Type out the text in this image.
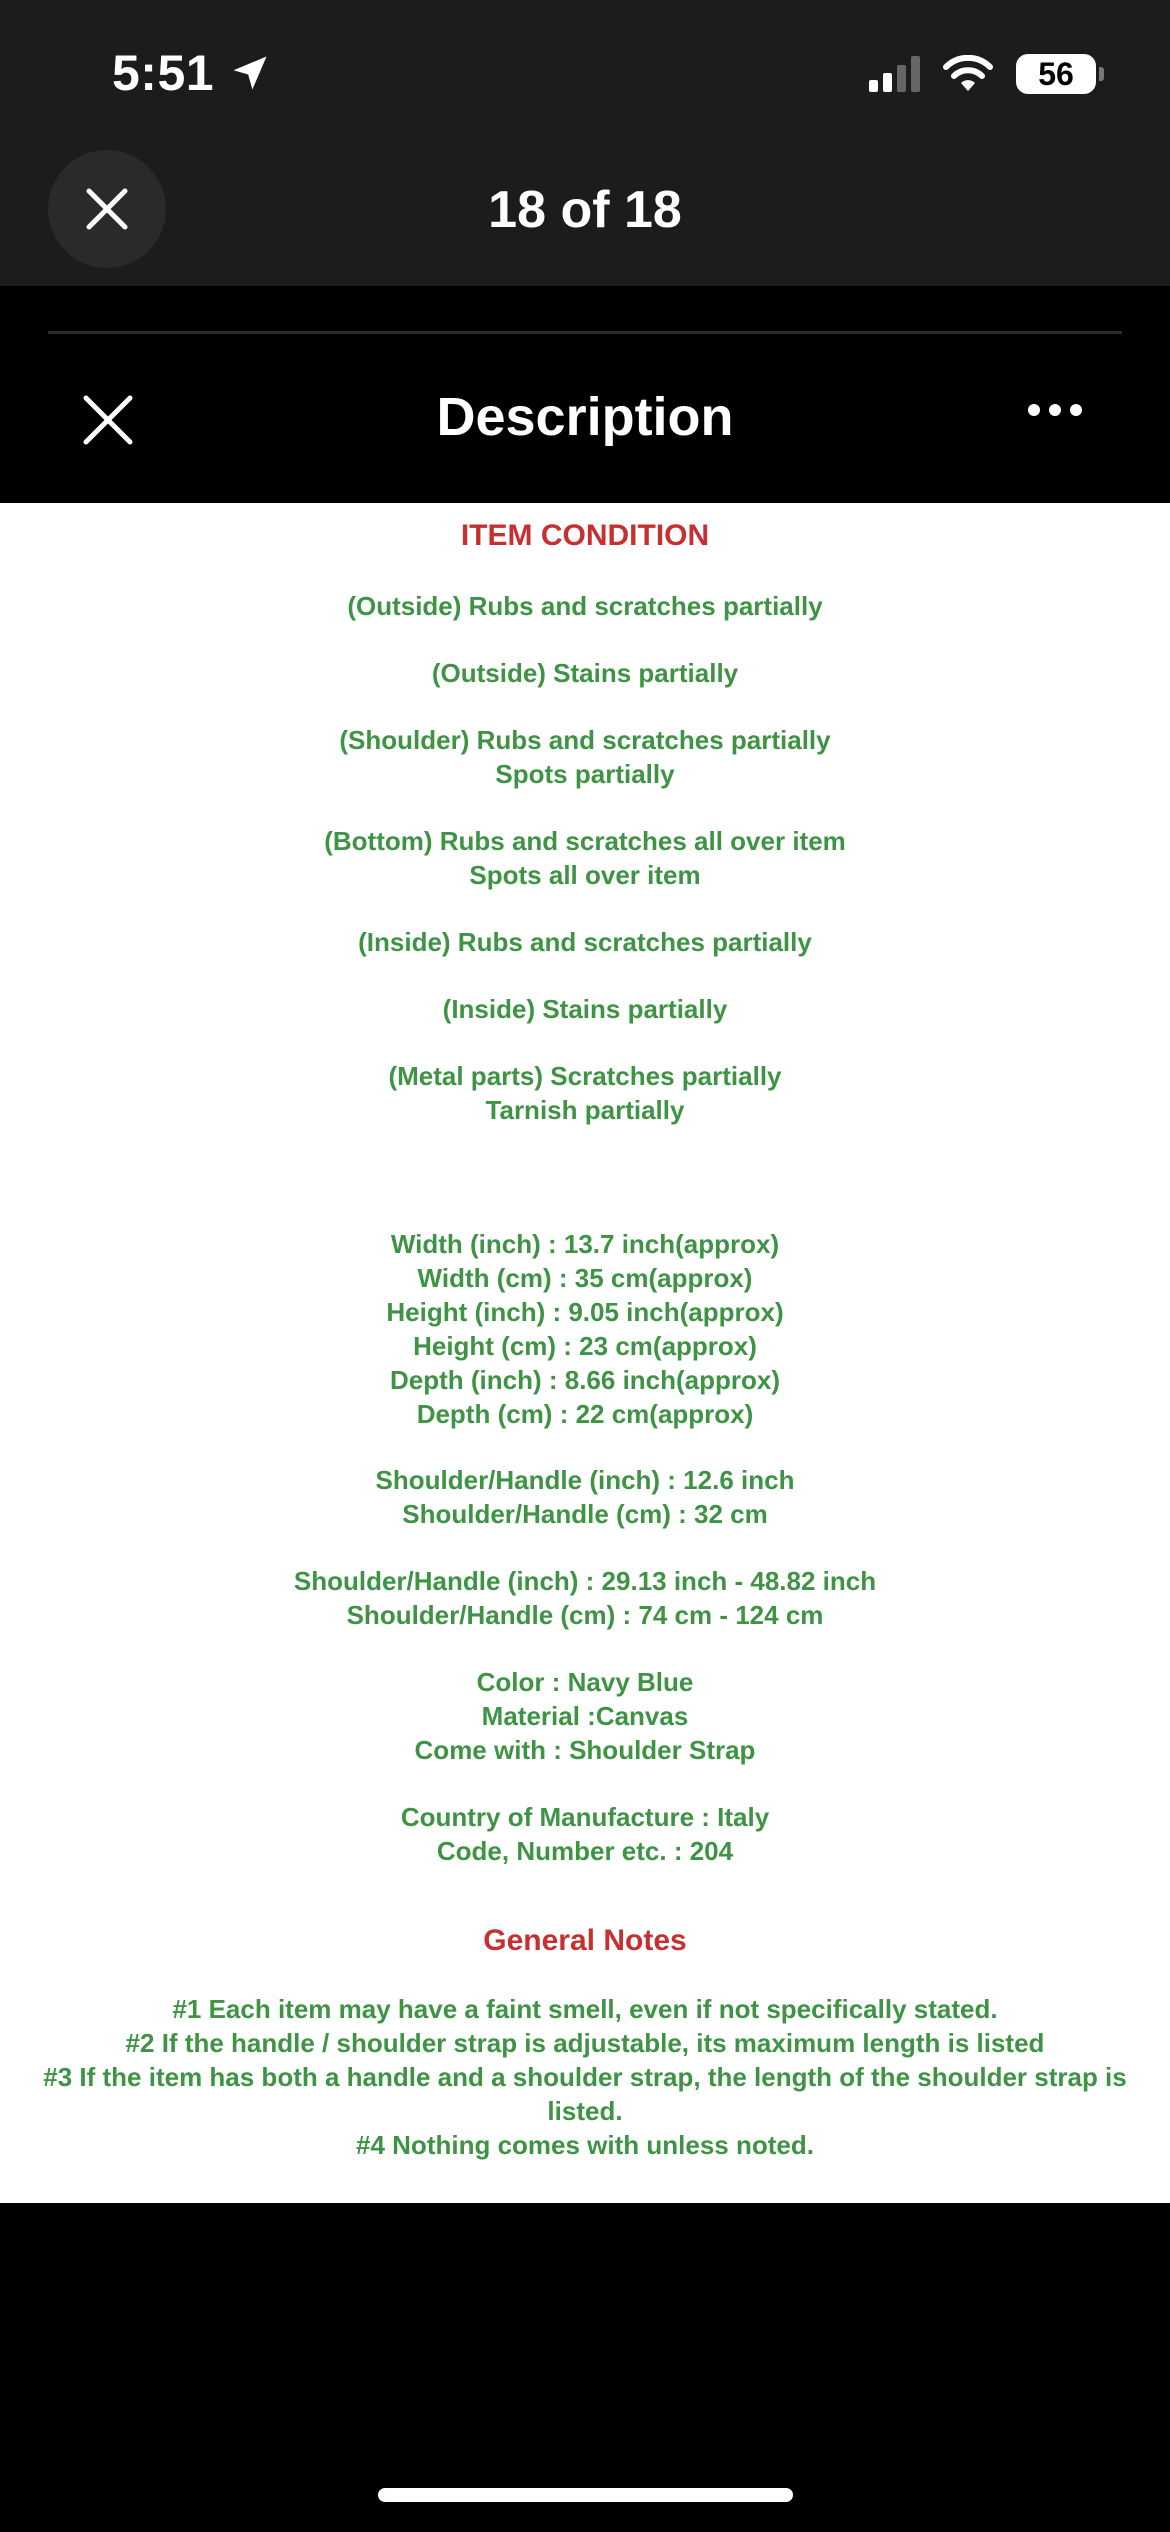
5:51	56
18 of 18
Description
ITEM CONDITION

(Outside) Rubs and scratches partially

(Outside) Stains partially

(Shoulder) Rubs and scratches partially

Spots partially

(Bottom) Rubs and scratches all over item

Spots all over item

(Inside) Rubs and scratches partially

(Inside) Stains partially

(Metal parts) Scratches partially

Tarnish partially

Width (inch) : 13.7 inch(approx)

Width (cm) : 35 cm(approx)

Height (inch) : 9.05 inch(approx)

Height (cm) : 23 cm(approx)

Depth (inch) : 8.66 inch(approx)

Depth (cm) : 22 cm(approx)

Shoulder/Handle (inch) : 12.6 inch

Shoulder/Handle (cm) : 32 cm

Shoulder/Handle (inch) : 29.13 inch - 48.82 inch

Shoulder/Handle (cm) : 74 cm - 124 cm

Color : Navy Blue

Material :Canvas

Come with : Shoulder Strap

Country of Manufacture : Italy

Code, Number etc. : 204

General Notes

#1 Each item may have a faint smell, even if not specifically stated.

#2 If the handle / shoulder strap is adjustable, its maximum length is listed

#3 If the item has both a handle and a shoulder strap, the length of the shoulder strap is

listed.

#4 Nothing comes with unless noted.
